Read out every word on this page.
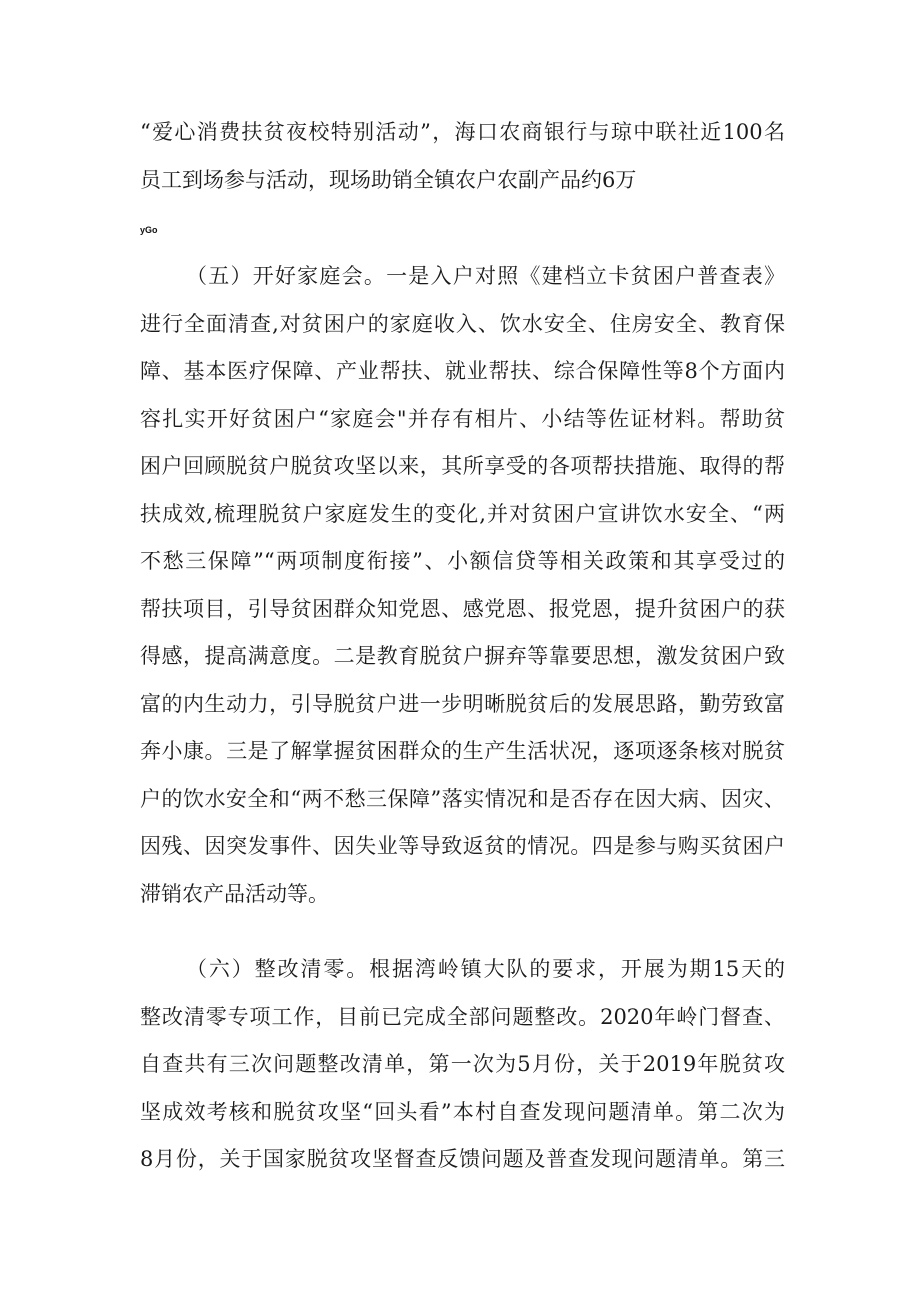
“爱心消费扶贫夜校特别活动”，海口农商银行与琼中联社近100名
员工到场参与活动，现场助销全镇农户农副产品约6万
yGo
（五）开好家庭会。一是入户对照《建档立卡贫困户普查表》
进行全面清查,对贫困户的家庭收入、饮水安全、住房安全、教育保
障、基本医疗保障、产业帮扶、就业帮扶、综合保障性等8个方面内
容扎实开好贫困户“家庭会"并存有相片、小结等佐证材料。帮助贫
困户回顾脱贫户脱贫攻坚以来，其所享受的各项帮扶措施、取得的帮
扶成效,梳理脱贫户家庭发生的变化,并对贫困户宣讲饮水安全、“两
不愁三保障”“两项制度衔接”、小额信贷等相关政策和其享受过的
帮扶项目，引导贫困群众知党恩、感党恩、报党恩，提升贫困户的获
得感，提高满意度。二是教育脱贫户摒弃等靠要思想，激发贫困户致
富的内生动力，引导脱贫户进一步明晰脱贫后的发展思路，勤劳致富
奔小康。三是了解掌握贫困群众的生产生活状况，逐项逐条核对脱贫
户的饮水安全和“两不愁三保障”落实情况和是否存在因大病、因灾、
因残、因突发事件、因失业等导致返贫的情况。四是参与购买贫困户
滞销农产品活动等。
（六）整改清零。根据湾岭镇大队的要求，开展为期15天的
整改清零专项工作，目前已完成全部问题整改。2020年岭门督查、
自查共有三次问题整改清单，第一次为5月份，关于2019年脱贫攻
坚成效考核和脱贫攻坚“回头看”本村自查发现问题清单。第二次为
8月份，关于国家脱贫攻坚督查反馈问题及普查发现问题清单。第三
